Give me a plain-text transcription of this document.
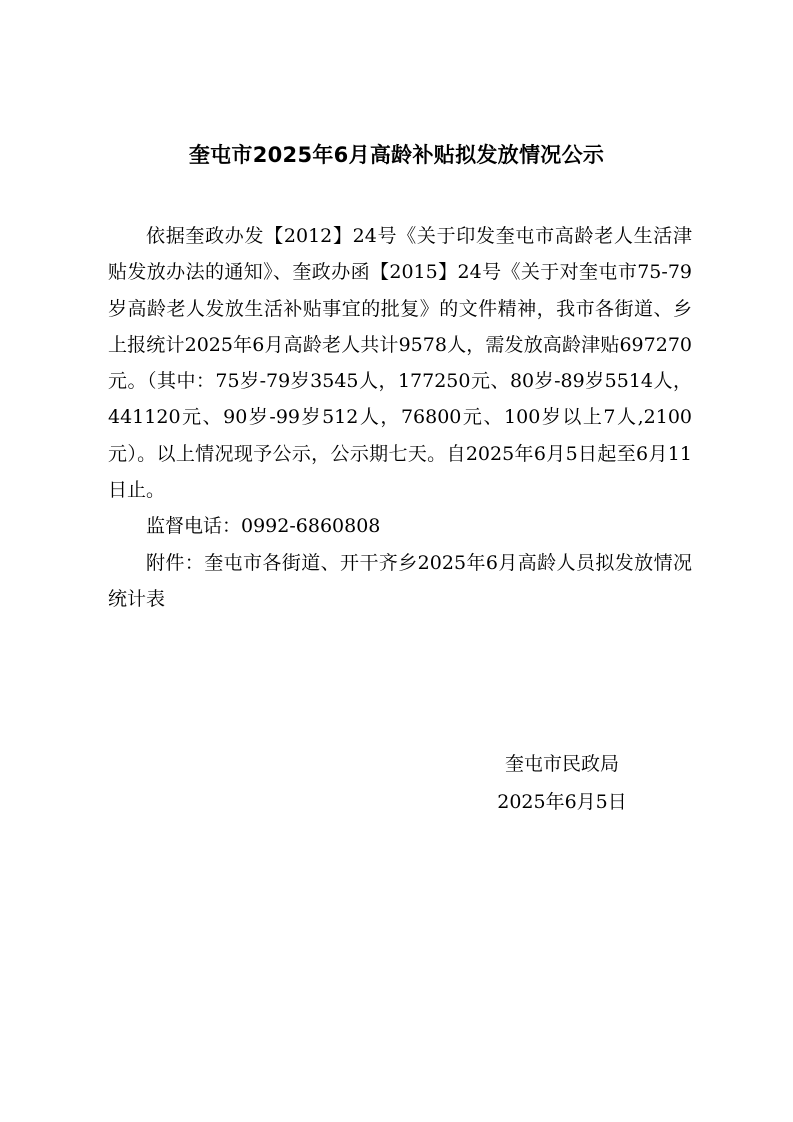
奎屯市2025年6月高龄补贴拟发放情况公示

依据奎政办发【2012】24号《关于印发奎屯市高龄老人生活津贴发放办法的通知》、奎政办函【2015】24号《关于对奎屯市75-79岁高龄老人发放生活补贴事宜的批复》的文件精神，我市各街道、乡上报统计2025年6月高龄老人共计9578人，需发放高龄津贴697270元。（其中：75岁-79岁3545人，177250元、80岁-89岁5514人，441120元、90岁-99岁512人，76800元、100岁以上7人,2100元）。以上情况现予公示，公示期七天。自2025年6月5日起至6月11日止。

监督电话：0992-6860808

附件：奎屯市各街道、开干齐乡2025年6月高龄人员拟发放情况统计表

奎屯市民政局
2025年6月5日
